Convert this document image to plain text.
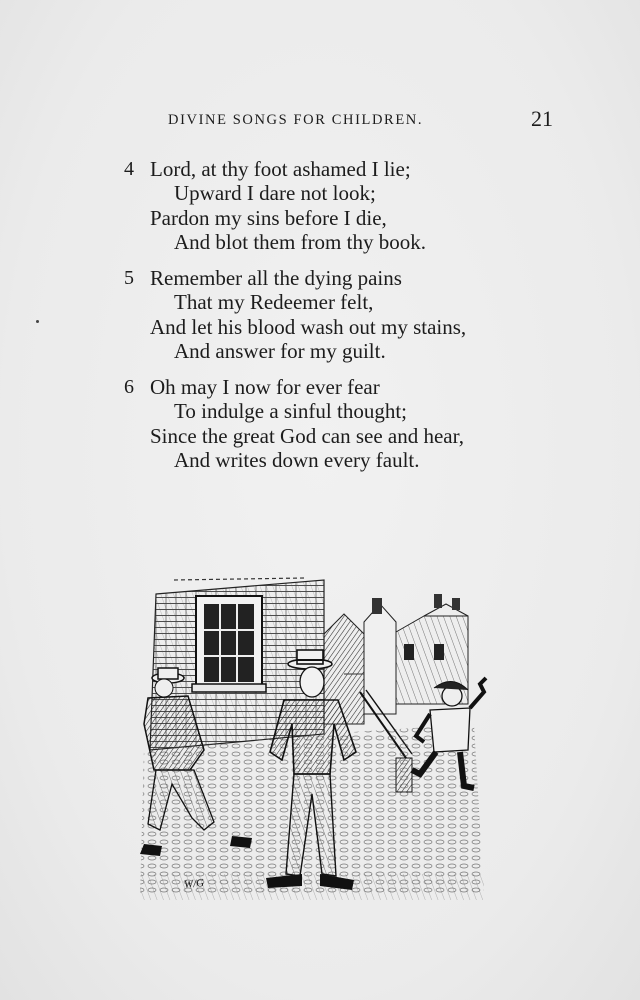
DIVINE SONGS FOR CHILDREN.	21
4 Lord, at thy foot ashamed I lie;
Upward I dare not look;
Pardon my sins before I die,
And blot them from thy book.
5 Remember all the dying pains
That my Redeemer felt,
And let his blood wash out my stains,
And answer for my guilt.
6 Oh may I now for ever fear
To indulge a sinful thought;
Since the great God can see and hear,
And writes down every fault.
W/G
